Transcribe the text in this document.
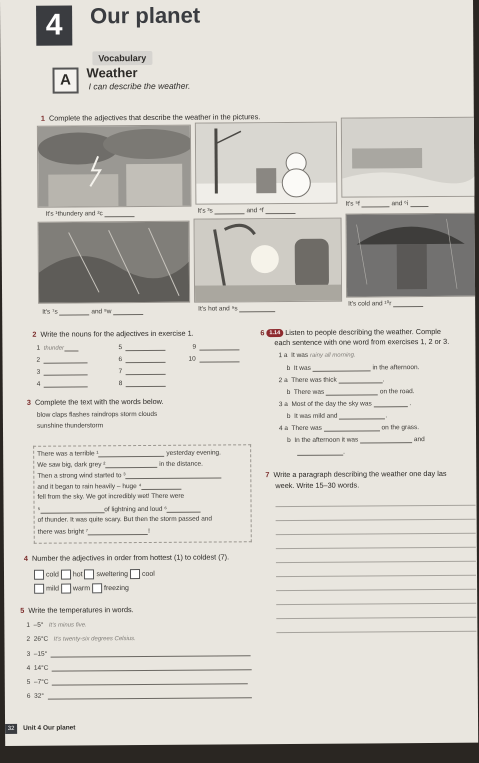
4	Our planet
Vocabulary
A	Weather
I can describe the weather.
1 Complete the adjectives that describe the weather in the pictures.
It's ¹thundery and ²c	It's ³s	and ⁴f
It's ⁵f	and ⁶i
It's ⁷s	and ⁸w	It's hot and ⁹s
It's cold and ¹⁰r
2 Write the nouns for the adjectives in exercise 1.
1 thunder
2
3
4
5
6
7
8
9
10
3 Complete the text with the words below.
blow claps flashes raindrops storm clouds
sunshine thunderstorm
There was a terrible ¹	yesterday evening.
We saw big, dark grey ²	in the distance.
Then a strong wind started to ³
and it began to rain heavily – huge ⁴
fell from the sky. We got incredibly wet! There were
⁵	of lightning and loud ⁶
of thunder. It was quite scary. But then the storm passed and
there was bright ⁷	!
4 Number the adjectives in order from hottest (1) to coldest (7).
cold hot sweltering cool
mild warm freezing
5 Write the temperatures in words.
1 –5° It's minus five.
2 26°C It's twenty-six degrees Celsius.
3 –15°
4 14°C
5 –7°C
6 32°
6 1.14 Listen to people describing the weather. Comple
each sentence with one word from exercises 1, 2 or 3.
1 a It was rainy all morning.
b It was	in the afternoon.
2 a There was thick	.
b There was	on the road.
3 a Most of the day the sky was	.
b It was mild and	.
4 a There was	on the grass.
b In the afternoon it was	and
.
7 Write a paragraph describing the weather one day las
week. Write 15–30 words.
32	Unit 4 Our planet
